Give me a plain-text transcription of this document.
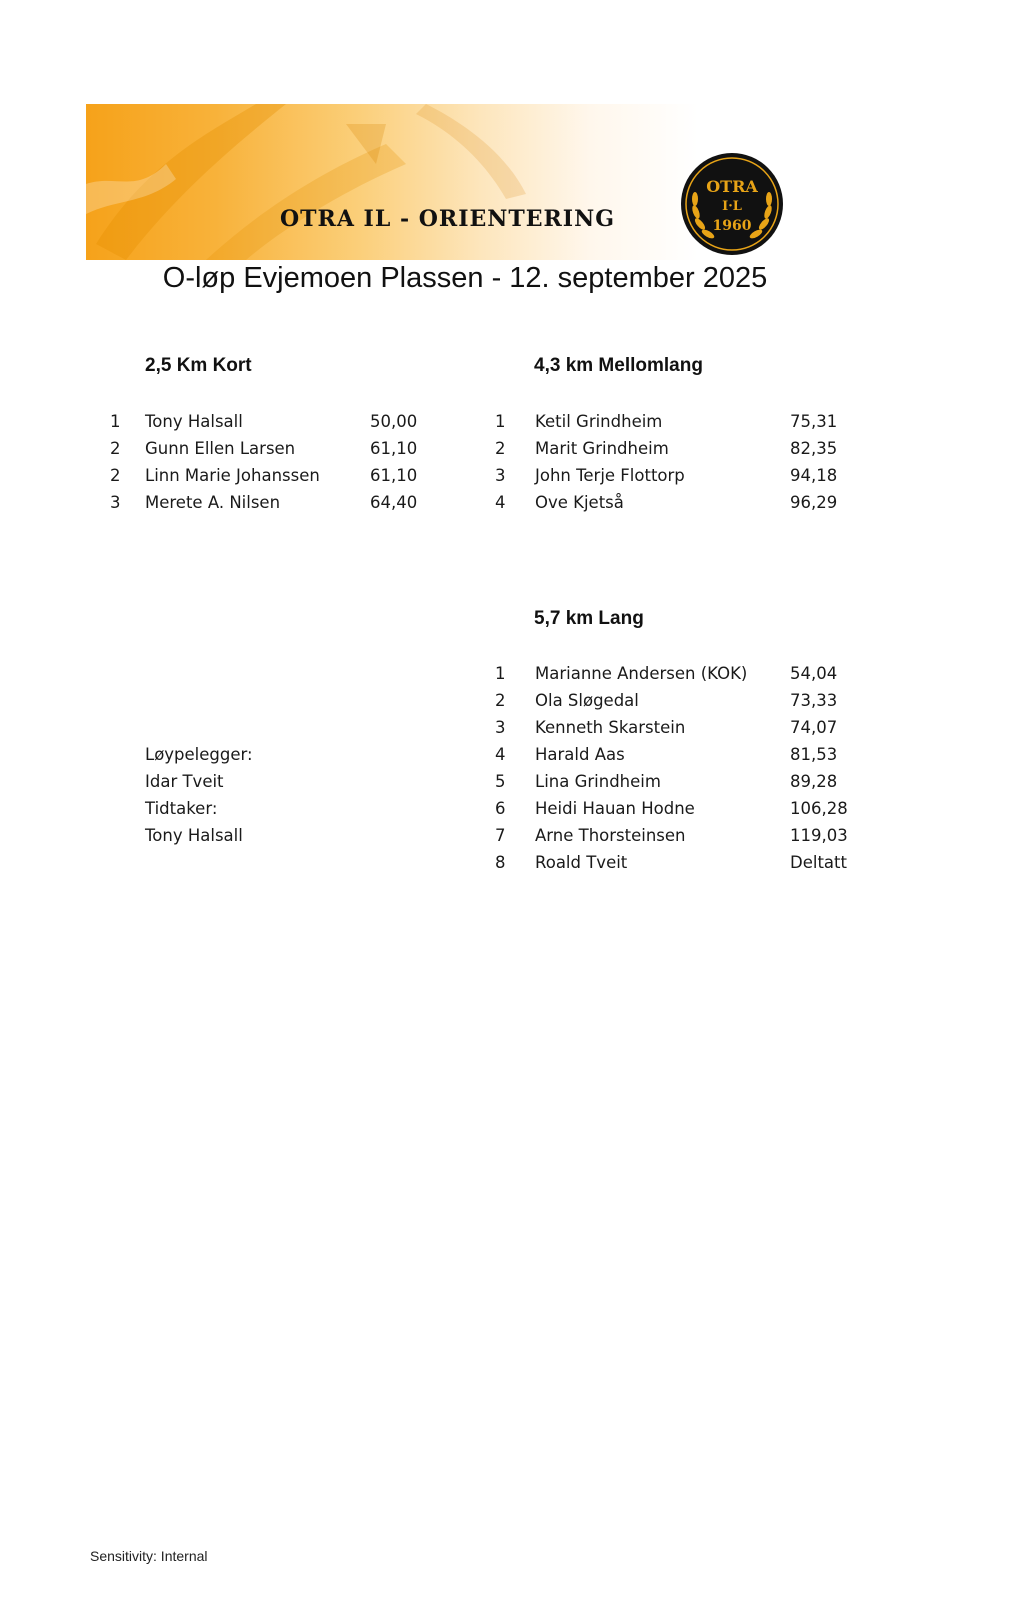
OTRA IL - ORIENTERING
OTRA
I·L
1960
O-løp Evjemoen Plassen - 12. september 2025
2,5 Km Kort
1 Tony Halsall	50,00
2 Gunn Ellen Larsen	61,10
2 Linn Marie Johanssen	61,10
3 Merete A. Nilsen	64,40
4,3 km Mellomlang
1 Ketil Grindheim	75,31
2 Marit Grindheim	82,35
3 John Terje Flottorp	94,18
4 Ove Kjetså	96,29
5,7 km Lang
1 Marianne Andersen (KOK)	54,04
2 Ola Sløgedal	73,33
3 Kenneth Skarstein	74,07
4 Harald Aas	81,53
5 Lina Grindheim	89,28
6 Heidi Hauan Hodne	106,28
7 Arne Thorsteinsen	119,03
8 Roald Tveit	Deltatt
Løypelegger:
Idar Tveit
Tidtaker:
Tony Halsall
Sensitivity: Internal
